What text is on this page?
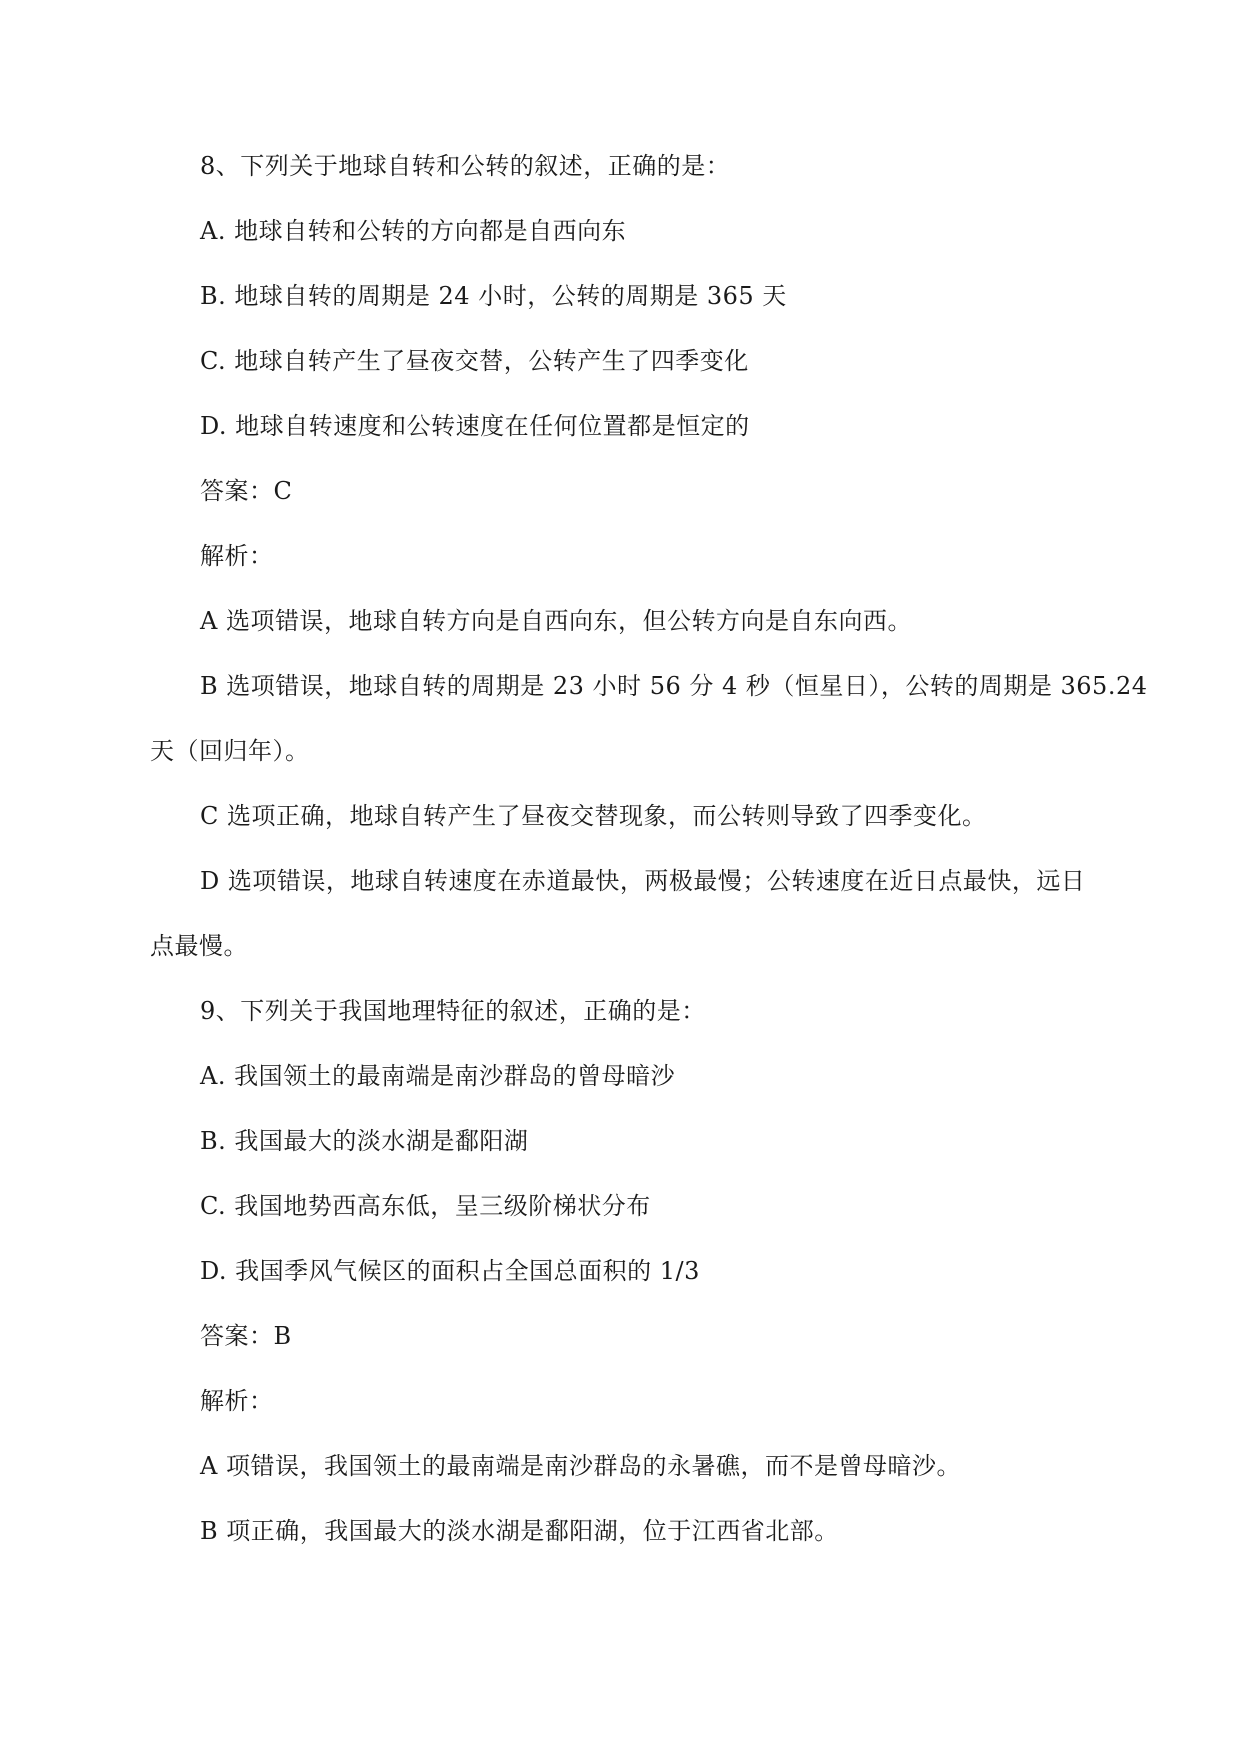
8、下列关于地球自转和公转的叙述，正确的是：
A. 地球自转和公转的方向都是自西向东
B. 地球自转的周期是 24 小时，公转的周期是 365 天
C. 地球自转产生了昼夜交替，公转产生了四季变化
D. 地球自转速度和公转速度在任何位置都是恒定的
答案：C
解析：
A 选项错误，地球自转方向是自西向东，但公转方向是自东向西。
B 选项错误，地球自转的周期是 23 小时 56 分 4 秒（恒星日），公转的周期是 365.24
天（回归年）。
C 选项正确，地球自转产生了昼夜交替现象，而公转则导致了四季变化。
D 选项错误，地球自转速度在赤道最快，两极最慢；公转速度在近日点最快，远日
点最慢。
9、下列关于我国地理特征的叙述，正确的是：
A. 我国领土的最南端是南沙群岛的曾母暗沙
B. 我国最大的淡水湖是鄱阳湖
C. 我国地势西高东低，呈三级阶梯状分布
D. 我国季风气候区的面积占全国总面积的 1/3
答案：B
解析：
A 项错误，我国领土的最南端是南沙群岛的永暑礁，而不是曾母暗沙。
B 项正确，我国最大的淡水湖是鄱阳湖，位于江西省北部。
